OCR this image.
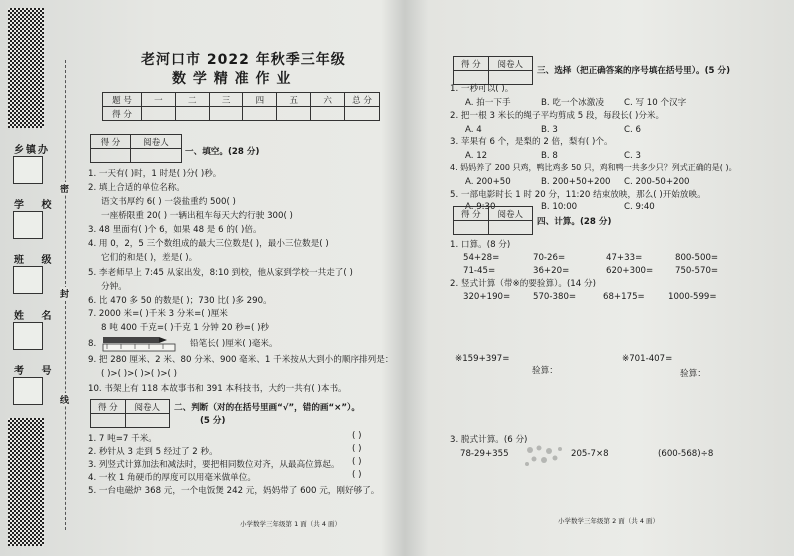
乡镇办
学 校
班 级
姓 名
考 号
密
封
线
老河口市 2022 年秋季三年级
数 学 精 准 作 业
题 号	一	二	三	四	五	六	总 分
得 分							
得 分	阅卷人

一、填空。(28 分)
1. 一天有( )时，1 时是( )分( )秒。
2. 填上合适的单位名称。
语文书厚约 6( ) 一袋盐重约 500( )
一座桥限重 20( ) 一辆出租车每天大约行驶 300( )
3. 48 里面有( )个 6，如果 48 是 6 的( )倍。
4. 用 0，2，5 三个数组成的最大三位数是( )，最小三位数是( )
它们的和是( )，差是( )。
5. 李老师早上 7:45 从家出发，8:10 到校，他从家到学校一共走了( )
分钟。
6. 比 470 多 50 的数是( )；730 比( )多 290。
7. 2000 米=( )千米 3 分米=( )厘米
8 吨 400 千克=( )千克 1 分钟 20 秒=( )秒
8.	铅笔长( )厘米( )毫米。
9. 把 280 厘米、2 米、80 分米、900 毫米、1 千米按从大到小的顺序排列是：
( )>( )>( )>( )>( )
10. 书架上有 118 本故事书和 391 本科技书，大约一共有( )本书。
得 分	阅卷人
	二、判断（对的在括号里画“√”，错的画“×”）。
(5 分)
1. 7 吨=7 千米。	( )
2. 秒针从 3 走到 5 经过了 2 秒。	( )
3. 列竖式计算加法和减法时，要把相同数位对齐，从最高位算起。 ( )
4. 一枚 1 角硬币的厚度可以用毫米做单位。	( )
5. 一台电磁炉 368 元，一个电饭煲 242 元，妈妈带了 600 元，刚好够了。
小学数学三年级第 1 面（共 4 面）
得 分	阅卷人

三、选择（把正确答案的序号填在括号里）。(5 分)
1. 一秒可以( )。
A. 拍一下手	B. 吃一个冰激凌 C. 写 10 个汉字
2. 把一根 3 米长的绳子平均剪成 5 段，每段长( )分米。
A. 4	B. 3	C. 6
3. 苹果有 6 个，是梨的 2 倍，梨有( )个。
A. 12	B. 8	C. 3
4. 妈妈养了 200 只鸡，鸭比鸡多 50 只，鸡和鸭一共多少只？列式正确的是( )。
A. 200+50	B. 200+50+200 C. 200-50+200
5. 一部电影时长 1 时 20 分，11:20 结束放映，那么( )开始放映。
A. 9:30	B. 10:00	C. 9:40
得 分	阅卷人

四、计算。(28 分)
1. 口算。(8 分)
54+28=	70-26=	47+33=	800-500=
71-45=	36+20=	620+300=	750-570=
2. 竖式计算（带※的要验算）。(14 分)
320+190=	570-380=	68+175=	1000-599=
※159+397=
验算：
※701-407=
验算：
3. 脱式计算。(6 分)
78-29+355	205-7×8	(600-568)÷8
小学数学三年级第 2 面（共 4 面）
